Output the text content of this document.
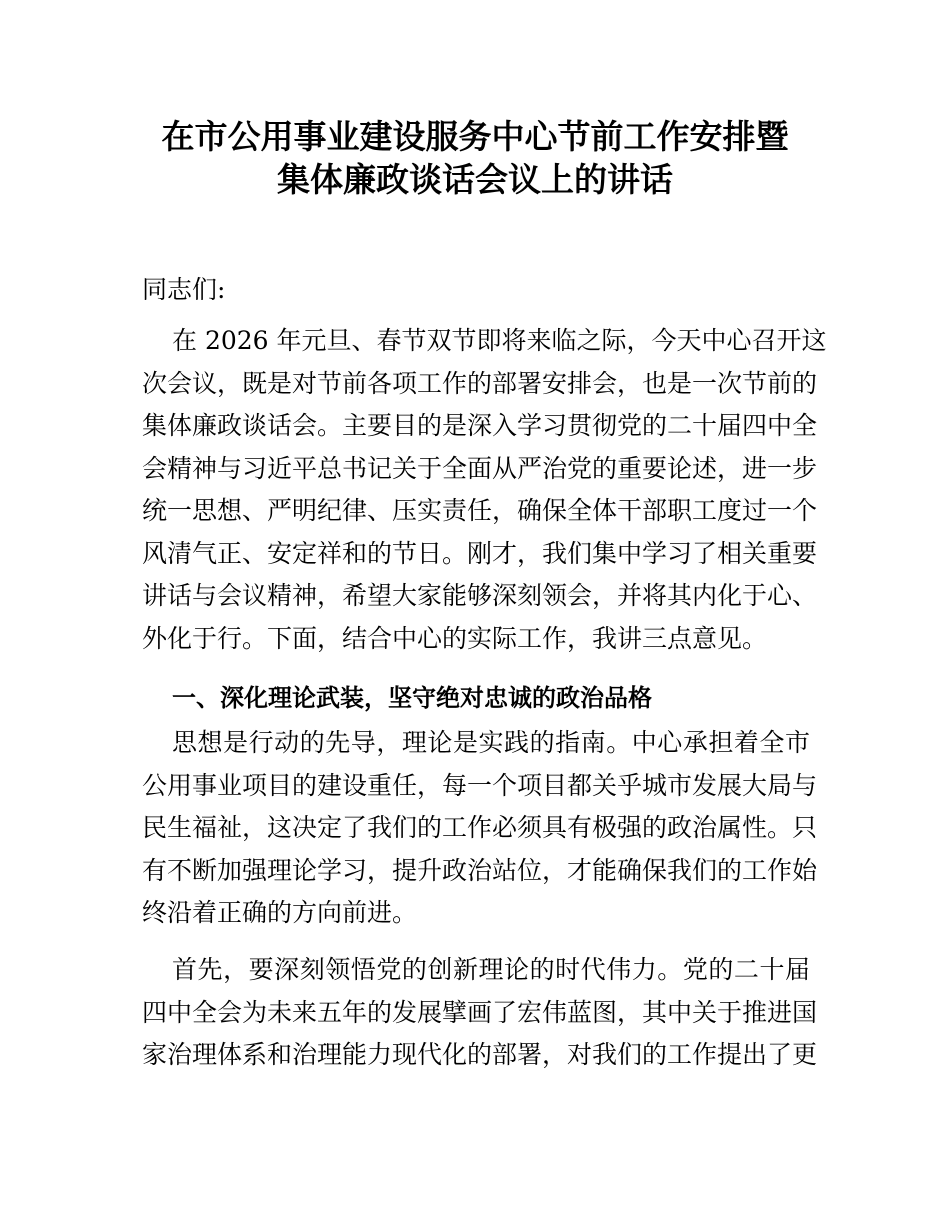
在市公用事业建设服务中心节前工作安排暨
集体廉政谈话会议上的讲话
同志们:
在 2026 年元旦、春节双节即将来临之际，今天中心召开这
次会议，既是对节前各项工作的部署安排会，也是一次节前的
集体廉政谈话会。主要目的是深入学习贯彻党的二十届四中全
会精神与习近平总书记关于全面从严治党的重要论述，进一步
统一思想、严明纪律、压实责任，确保全体干部职工度过一个
风清气正、安定祥和的节日。刚才，我们集中学习了相关重要
讲话与会议精神，希望大家能够深刻领会，并将其内化于心、
外化于行。下面，结合中心的实际工作，我讲三点意见。
一、深化理论武装，坚守绝对忠诚的政治品格
思想是行动的先导，理论是实践的指南。中心承担着全市
公用事业项目的建设重任，每一个项目都关乎城市发展大局与
民生福祉，这决定了我们的工作必须具有极强的政治属性。只
有不断加强理论学习，提升政治站位，才能确保我们的工作始
终沿着正确的方向前进。
首先，要深刻领悟党的创新理论的时代伟力。党的二十届
四中全会为未来五年的发展擘画了宏伟蓝图，其中关于推进国
家治理体系和治理能力现代化的部署，对我们的工作提出了更
